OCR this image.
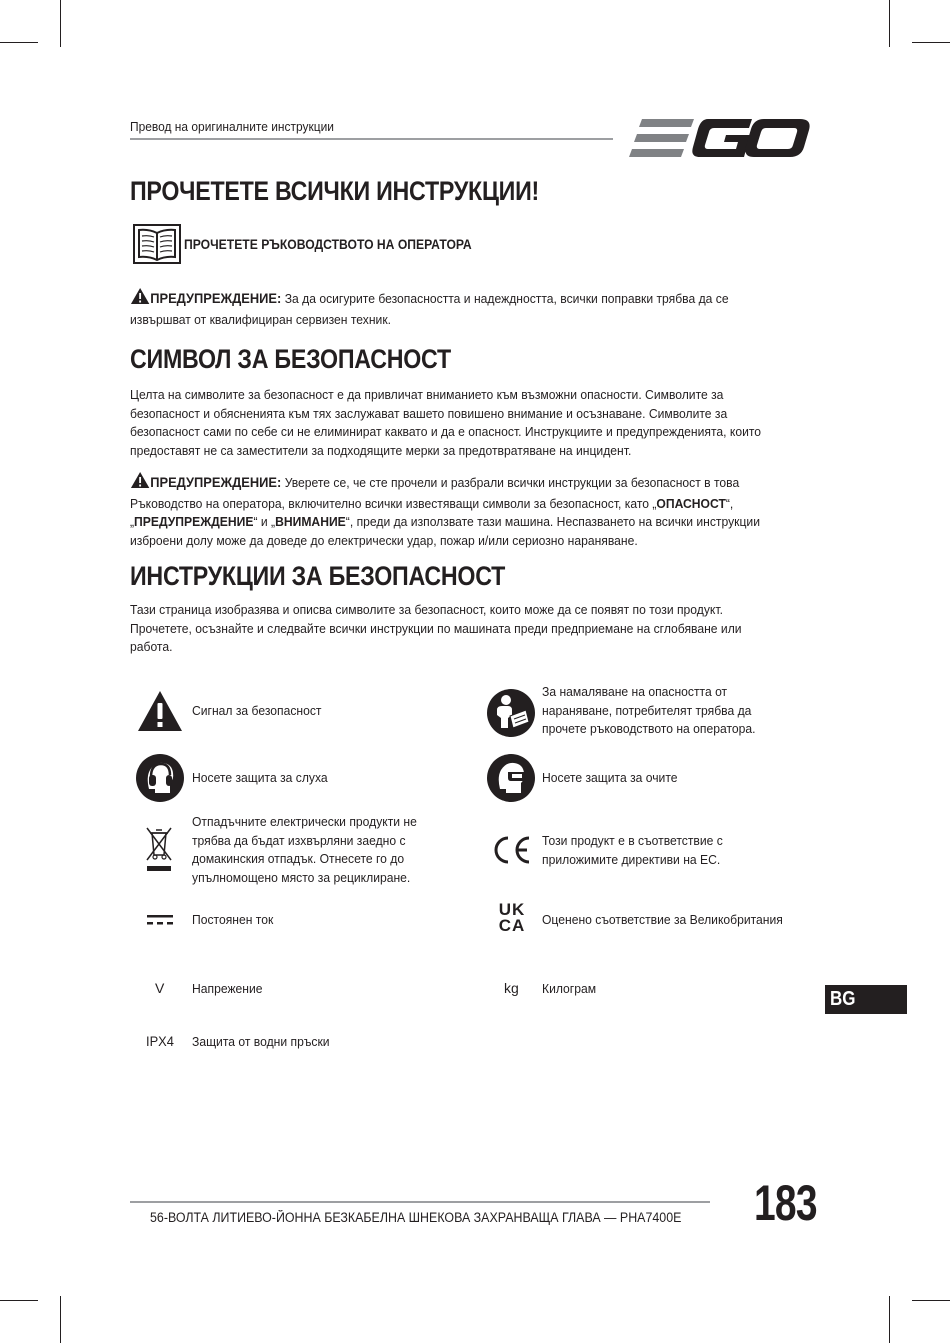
Превод на оригиналните инструкции
ПРОЧЕТЕТЕ ВСИЧКИ ИНСТРУКЦИИ!
ПРОЧЕТЕТЕ РЪКОВОДСТВОТО НА ОПЕРАТОРА
ПРЕДУПРЕЖДЕНИЕ: За да осигурите безопасността и надеждността, всички поправки трябва да се извършват от квалифициран сервизен техник.
СИМВОЛ ЗА БЕЗОПАСНОСТ
Целта на символите за безопасност е да привличат вниманието към възможни опасности. Символите за безопасност и обясненията към тях заслужават вашето повишено внимание и осъзнаване. Символите за безопасност сами по себе си не елиминират каквато и да е опасност. Инструкциите и предупрежденията, които предоставят не са заместители за подходящите мерки за предотвратяване на инцидент.
ПРЕДУПРЕЖДЕНИЕ: Уверете се, че сте прочели и разбрали всички инструкции за безопасност в това Ръководство на оператора, включително всички известяващи символи за безопасност, като „ОПАСНОСТ“, „ПРЕДУПРЕЖДЕНИЕ“ и „ВНИМАНИЕ“, преди да използвате тази машина. Неспазването на всички инструкции изброени долу може да доведе до електрически удар, пожар и/или сериозно нараняване.
ИНСТРУКЦИИ ЗА БЕЗОПАСНОСТ
Тази страница изобразява и описва символите за безопасност, които може да се появят по този продукт. Прочетете, осъзнайте и следвайте всички инструкции по машината преди предприемане на сглобяване или работа.
Сигнал за безопасност
Носете защита за слуха
Отпадъчните електрически продукти не трябва да бъдат изхвърляни заедно с домакинския отпадък. Отнесете го до упълномощено място за рециклиране.
Постоянен ток
V Напрежение
IPX4 Защита от водни пръски
За намаляване на опасността от нараняване, потребителят трябва да прочете ръководството на оператора.
Носете защита за очите
Този продукт е в съответствие с приложимите директиви на ЕС.
UK
CA Оценено съответствие за Великобритания
kg Килограм	BG
56-ВОЛТА ЛИТИЕВО-ЙОННА БЕЗКАБЕЛНА ШНЕКОВА ЗАХРАНВАЩА ГЛАВА — PHA7400E 183
